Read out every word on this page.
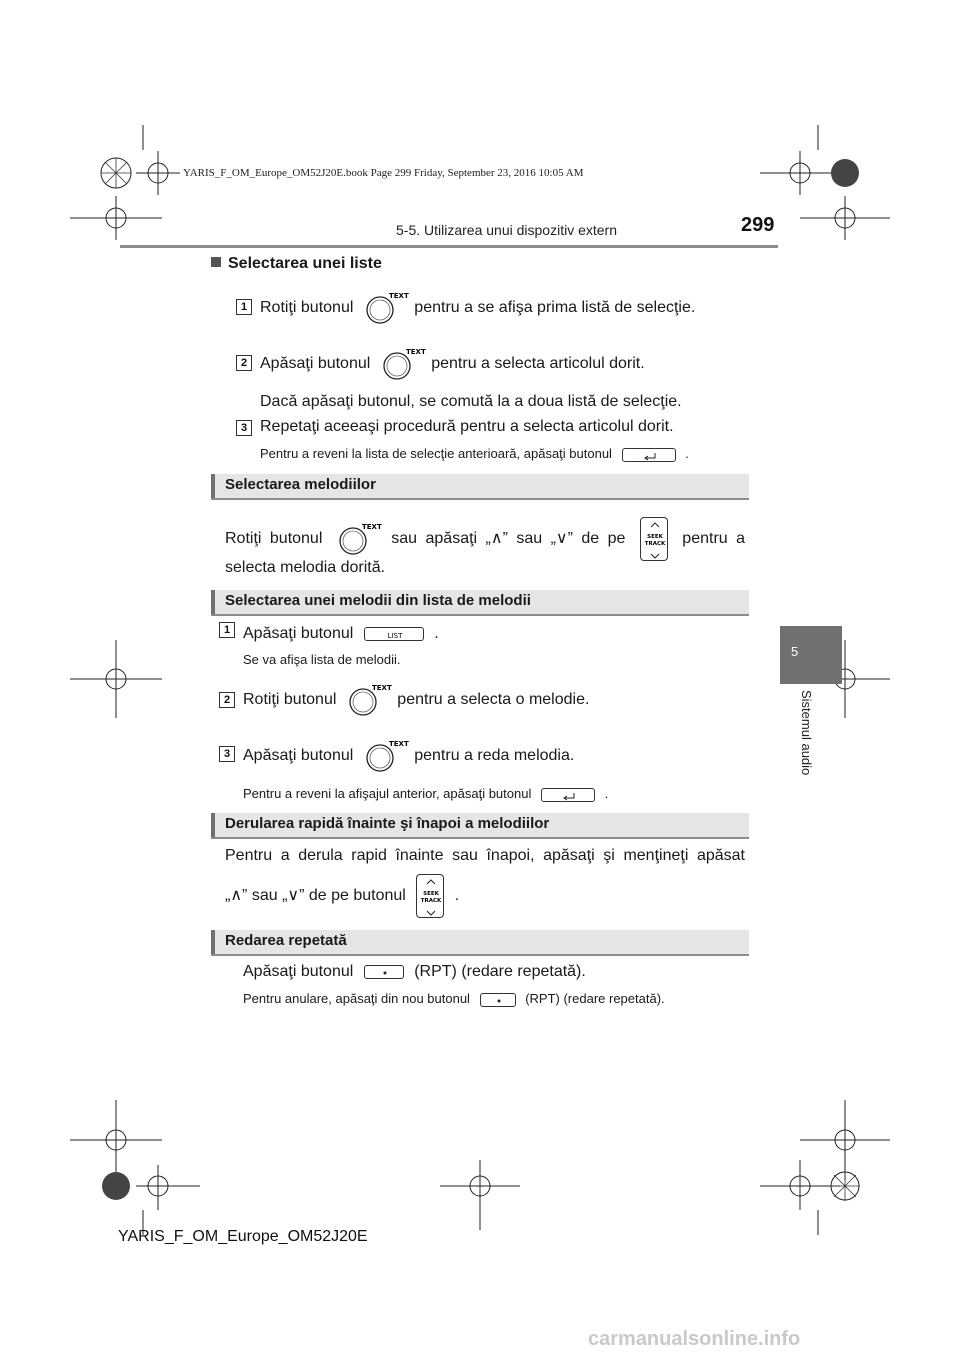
YARIS_F_OM_Europe_OM52J20E.book Page 299 Friday, September 23, 2016 10:05 AM
5-5. Utilizarea unui dispozitiv extern	299
5
Sistemul audio
Selectarea unei liste
1 Rotiţi butonul
TEXT
pentru a se afişa prima listă de selecţie.
2 Apăsaţi butonul
TEXT
pentru a selecta articolul dorit.
Dacă apăsaţi butonul, se comută la a doua listă de selecţie.
3 Repetaţi aceeaşi procedură pentru a selecta articolul dorit.
Pentru a reveni la lista de selecţie anterioară, apăsaţi butonul	.
Selectarea melodiilor
Rotiţi butonul
TEXT
sau apăsaţi „∧” sau „∨” de pe	SEEK
TRACK pentru a
selecta melodia dorită.
Selectarea unei melodii din lista de melodii
1 Apăsaţi butonul	LIST .
Se va afişa lista de melodii.
2 Rotiţi butonul
TEXT
pentru a selecta o melodie.
3 Apăsaţi butonul
TEXT
pentru a reda melodia.
Pentru a reveni la afişajul anterior, apăsaţi butonul	.
Derularea rapidă înainte şi înapoi a melodiilor
Pentru a derula rapid înainte sau înapoi, apăsaţi şi menţineţi apăsat
„∧” sau „∨” de pe butonul	SEEK
TRACK .
Redarea repetată
Apăsaţi butonul	(RPT) (redare repetată).
Pentru anulare, apăsaţi din nou butonul	(RPT) (redare repetată).
YARIS_F_OM_Europe_OM52J20E
carmanualsonline.info
